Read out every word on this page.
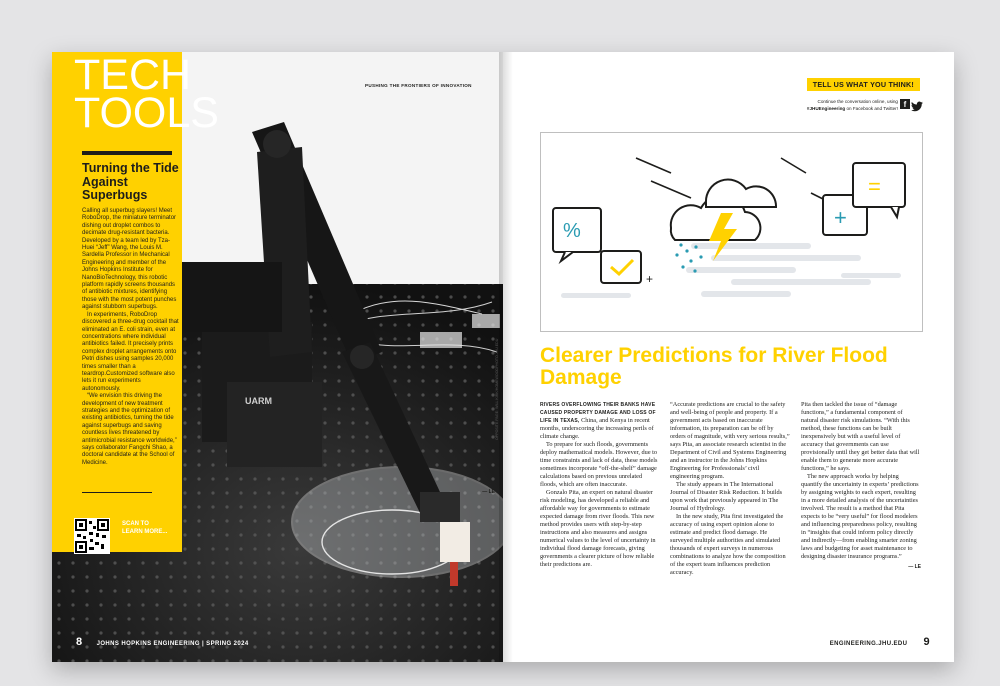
UARM
TECH
TOOLS
Turning the Tide Against Superbugs

Calling all superbug slayers! Meet RoboDrop, the miniature terminator dishing out droplet combos to decimate drug-resistant bacteria. Developed by a team led by Tza-Huei “Jeff” Wang, the Louis M. Sardella Professor in Mechanical Engineering and member of the Johns Hopkins Institute for NanoBioTechnology, this robotic platform rapidly screens thousands of antibiotic mixtures, identifying those with the most potent punches against stubborn superbugs.

In experiments, RoboDrop discovered a three-drug cocktail that eliminated an E. coli strain, even at concentrations where individual antibiotics failed. It precisely prints complex droplet arrangements onto Petri dishes using samples 20,000 times smaller than a teardrop.Customized software also lets it run experiments autonomously.

“We envision this driving the development of new treatment strategies and the optimization of existing antibiotics, turning the tide against superbugs and saving countless lives threatened by antimicrobial resistance worldwide,” says collaborator Fangchi Shao, a doctoral candidate at the School of Medicine.

— LE
SCAN TO
LEARN MORE...
PUSHING THE FRONTIERS OF INNOVATION
8 JOHNS HOPKINS ENGINEERING | SPRING 2024
OPPOSITE PAGE: WILL KIRK/HOMEWOODPHOTO.JHU.EDU
TELL US WHAT YOU THINK!
Continue the conversation online, using
#JHUEngineering on Facebook and Twitter! f
%
+
+
=
Clearer Predictions for River Flood Damage

RIVERS OVERFLOWING THEIR BANKS HAVE CAUSED PROPERTY DAMAGE AND LOSS OF LIFE IN TEXAS, China, and Kenya in recent months, underscoring the increasing perils of climate change.

To prepare for such floods, governments deploy mathematical models. However, due to time constraints and lack of data, these models sometimes incorporate “off-the-shelf” damage calculations based on previous unrelated floods, which are often inaccurate.

Gonzalo Pita, an expert on natural disaster risk modeling, has developed a reliable and affordable way for governments to estimate expected damage from river floods. This new method provides users with step-by-step instructions and also measures and assigns numerical values to the level of uncertainty in individual flood damage forecasts, giving governments a clearer picture of how reliable their predictions are.

“Accurate predictions are crucial to the safety and well-being of people and property. If a government acts based on inaccurate information, its preparation can be off by orders of magnitude, with very serious results,” says Pita, an associate research scientist in the Department of Civil and Systems Engineering and an instructor in the Johns Hopkins Engineering for Professionals’ civil engineering program.

The study appears in The International Journal of Disaster Risk Reduction. It builds upon work that previously appeared in The Journal of Hydrology.

In the new study, Pita first investigated the accuracy of using expert opinion alone to estimate and predict flood damage. He surveyed multiple authorities and simulated thousands of expert surveys in numerous combinations to analyze how the composition of the expert team influences prediction accuracy.

Pita then tackled the issue of “damage functions,” a fundamental component of natural disaster risk simulations. “With this method, these functions can be built inexpensively but with a useful level of accuracy that governments can use provisionally until they get better data that will enable them to generate more accurate functions,” he says.

The new approach works by helping quantify the uncertainty in experts’ predictions by assigning weights to each expert, resulting in a more detailed analysis of the uncertainties involved. The result is a method that Pita expects to be “very useful” for flood modelers and influencing preparedness policy, resulting in “insights that could inform policy directly and indirectly—from enabling smarter zoning laws and budgeting for asset maintenance to designing disaster insurance programs.”

— LE
ENGINEERING.JHU.EDU 9
